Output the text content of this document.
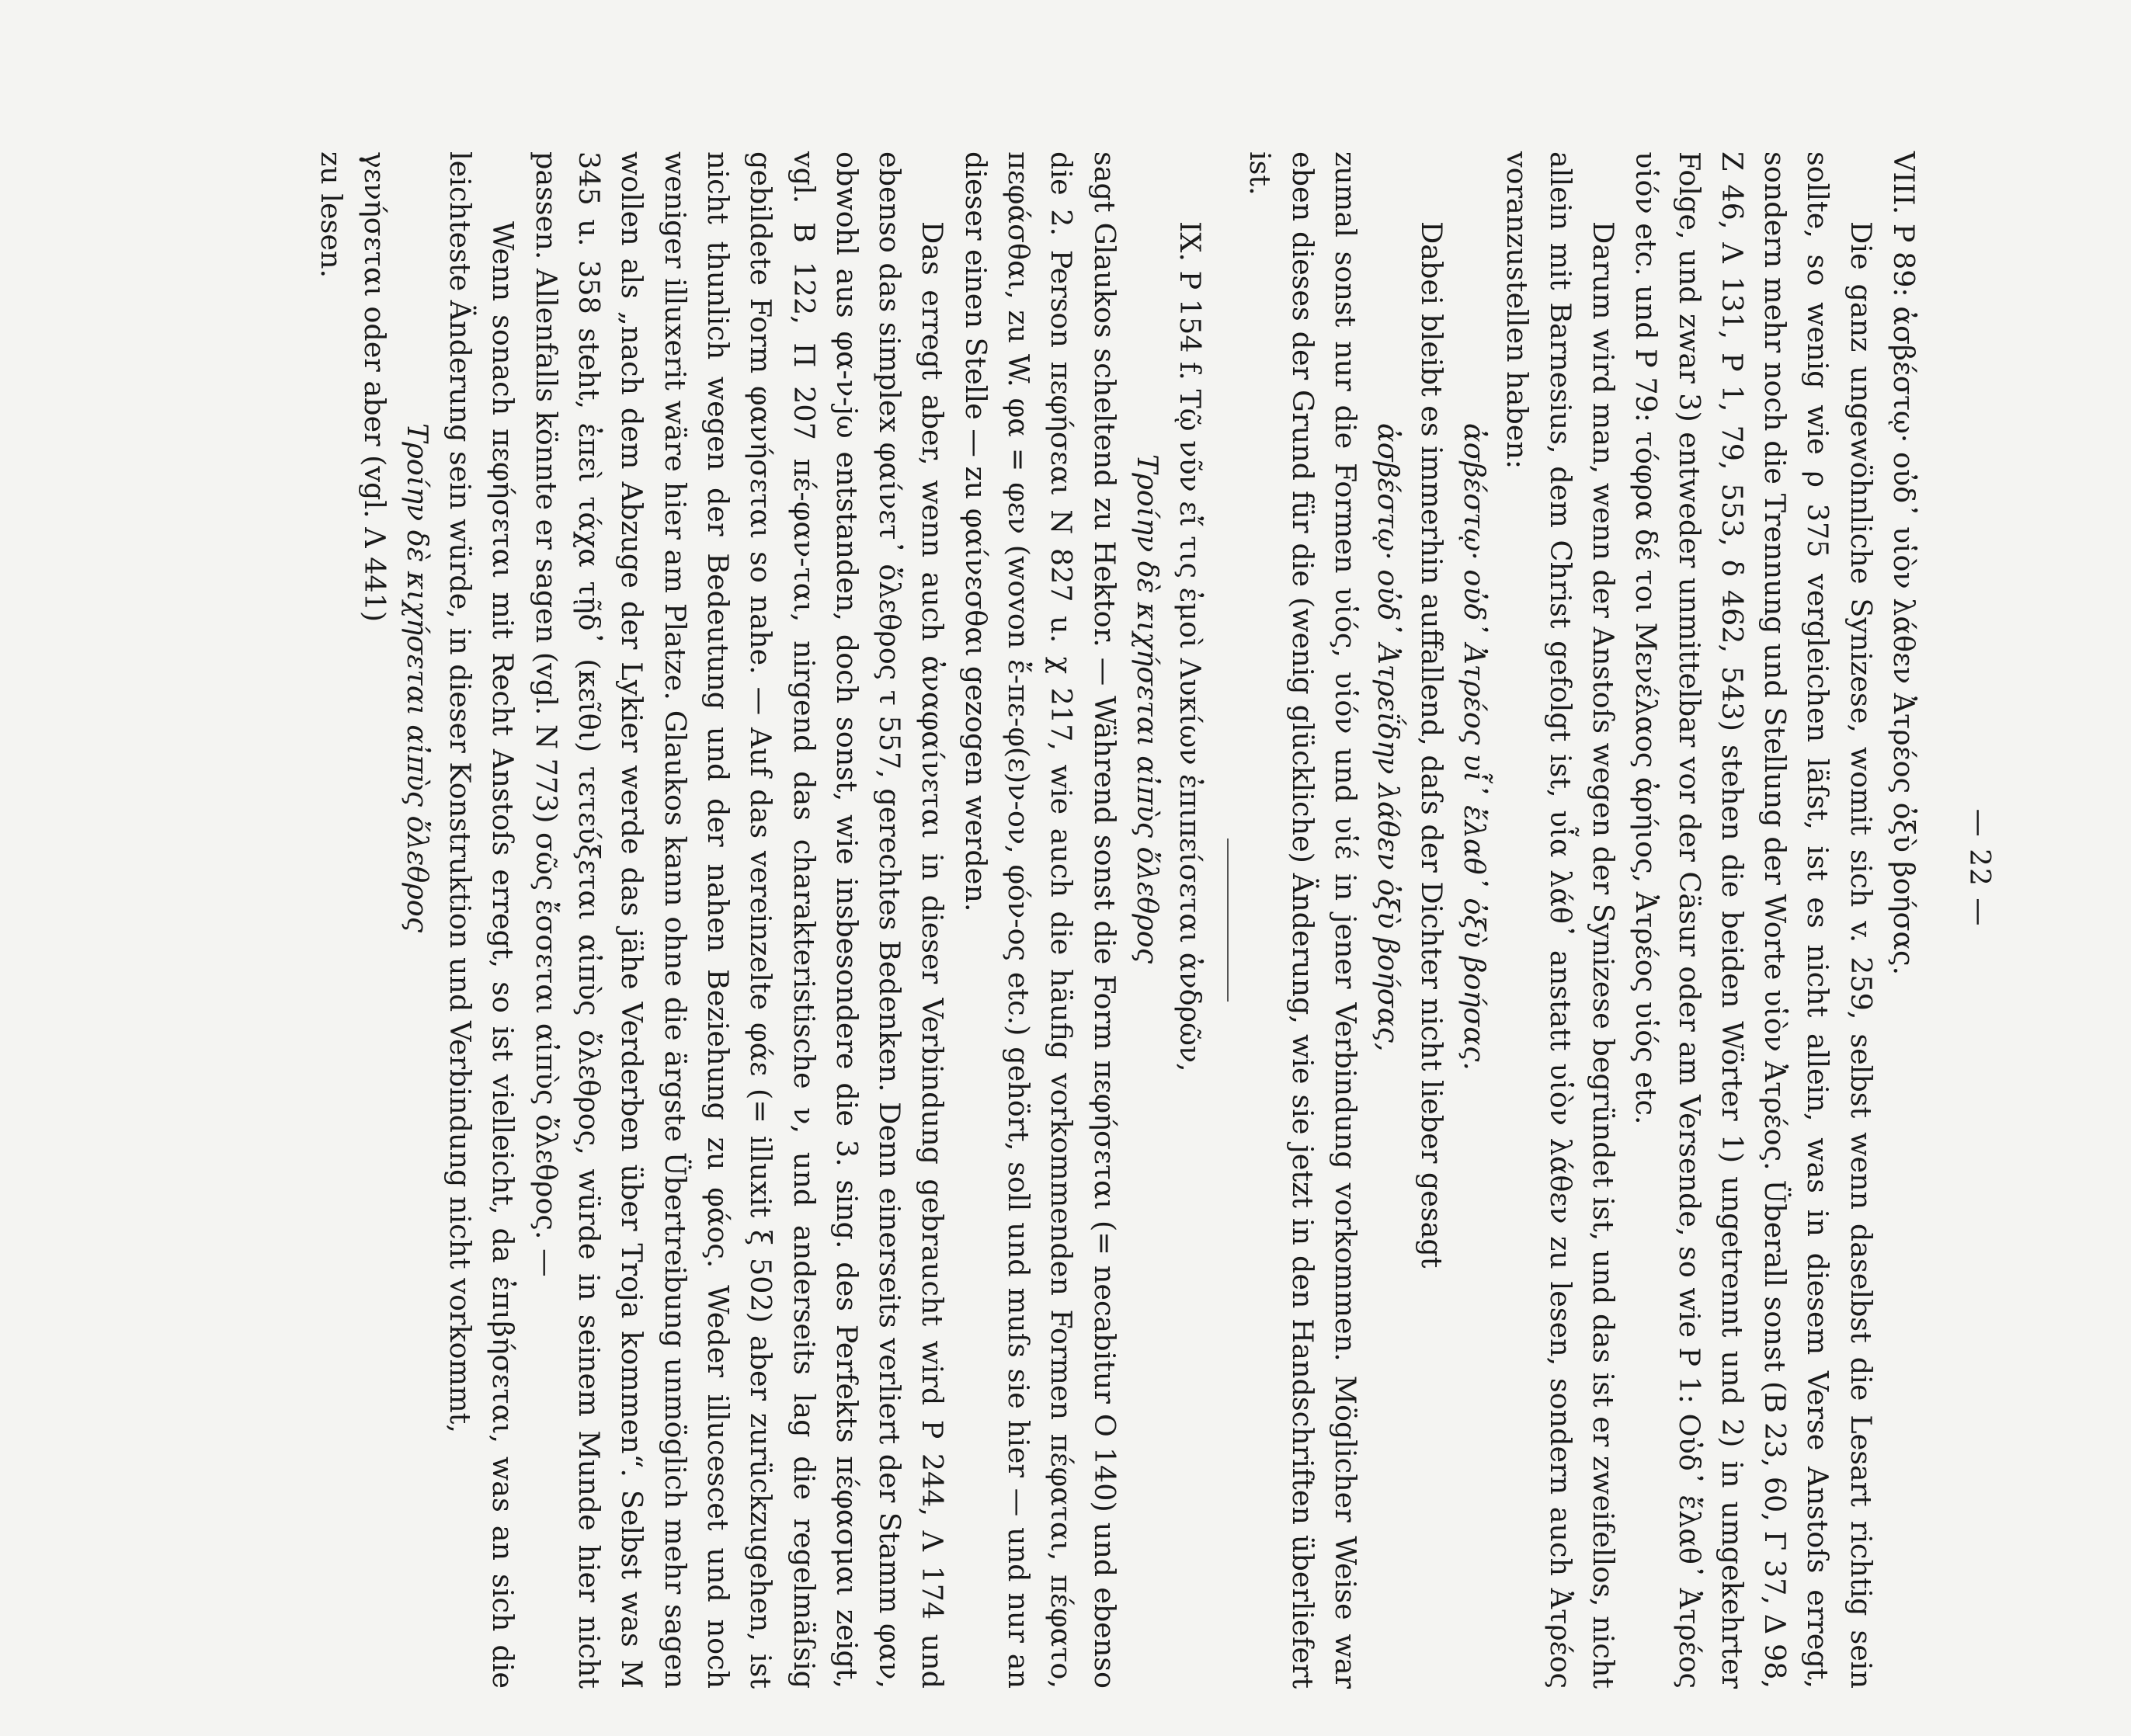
— 22 —

VIII. P 89: ἀσβέστῳ· οὐδ᾽ υἱὸν λάθεν Ἀτρέος ὀξὺ βοήσας.

Die ganz ungewöhnliche Synizese, womit sich v. 259, selbst wenn daselbst die Lesart richtig sein sollte, so wenig wie ρ 375 vergleichen läſst, ist es nicht allein, was in diesem Verse Anstoſs erregt, sondern mehr noch die Trennung und Stellung der Worte υἱὸν Ἀτρέος. Überall sonst (B 23, 60, Γ 37, Δ 98, Z 46, Λ 131, P 1, 79, 553, δ 462, 543) stehen die beiden Wörter 1) ungetrennt und 2) in umgekehrter Folge, und zwar 3) entweder unmittelbar vor der Cäsur oder am Versende, so wie P 1: Οὐδ᾽ ἔλαθ᾽ Ἀτρέος υἱόν etc. und P 79: τόφρα δέ τοι Μενέλαος ἀρήιος, Ἀτρέος υἱός etc.

Darum wird man, wenn der Anstoſs wegen der Synizese begründet ist, und das ist er zweifellos, nicht allein mit Barnesius, dem Christ gefolgt ist, υἷα λάθ᾽ anstatt υἱὸν λάθεν zu lesen, sondern auch Ἀτρέος voranzustellen haben:

ἀσβέστῳ· οὐδ᾽ Ἀτρέος υἷ᾽ ἔλαθ᾽ ὀξὺ βοήσας.

Dabei bleibt es immerhin auffallend, daſs der Dichter nicht lieber gesagt

ἀσβέστῳ· οὐδ᾽ Ἀτρεΐδην λάθεν ὀξὺ βοήσας,

zumal sonst nur die Formen υἱός, υἱόν und υἱέ in jener Verbindung vorkommen. Möglicher Weise war eben dieses der Grund für die (wenig glückliche) Änderung, wie sie jetzt in den Handschriften überliefert ist.

IX. P 154 f. Τῷ νῦν εἴ τις ἐμοὶ Λυκίων ἐπιπείσεται ἀνδρῶν,

Τροίην δὲ κιχήσεται αἰπὺς ὄλεθρος

sagt Glaukos scheltend zu Hektor. — Während sonst die Form πεφήσεται (= necabitur O 140) und ebenso die 2. Person πεφήσεαι N 827 u. χ 217, wie auch die häufig vorkommenden Formen πέφαται, πέφατο, πεφάσθαι, zu W. φα = φεν (wovon ἔ-πε-φ(ε)ν-ον, φόν-ος etc.) gehört, soll und muſs sie hier — und nur an dieser einen Stelle — zu φαίνεσθαι gezogen werden.

Das erregt aber, wenn auch ἀναφαίνεται in dieser Verbindung gebraucht wird P 244, Λ 174 und ebenso das simplex φαίνετ᾽ ὄλεθρος τ 557, gerechtes Bedenken. Denn einerseits verliert der Stamm φαν, obwohl aus φα-ν-jω entstanden, doch sonst, wie insbesondere die 3. sing. des Perfekts πέφασμαι zeigt, vgl. B 122, Π 207 πέ-φαν-ται, nirgend das charakteristische ν, und anderseits lag die regelmäſsig gebildete Form φανήσεται so nahe. — Auf das vereinzelte φάε (= illuxit ξ 502) aber zurückzugehen, ist nicht thunlich wegen der Bedeutung und der nahen Beziehung zu φάος. Weder illucescet und noch weniger illuxerit wäre hier am Platze. Glaukos kann ohne die ärgste Übertreibung unmöglich mehr sagen wollen als „nach dem Abzuge der Lykier werde das jähe Verderben über Troja kommen“. Selbst was M 345 u. 358 steht, ἐπεὶ τάχα τῇδ᾽ (κεῖθι) τετεύξεται αἰπὺς ὄλεθρος, würde in seinem Munde hier nicht passen. Allenfalls könnte er sagen (vgl. N 773) σῶς ἔσσεται αἰπὺς ὄλεθρος. —

Wenn sonach πεφήσεται mit Recht Anstoſs erregt, so ist vielleicht, da ἐπιβήσεται, was an sich die leichteste Änderung sein würde, in dieser Konstruktion und Verbindung nicht vorkommt,

Τροίην δὲ κιχήσεται αἰπὺς ὄλεθρος

γενήσεται oder aber (vgl. Λ 441)

zu lesen.
